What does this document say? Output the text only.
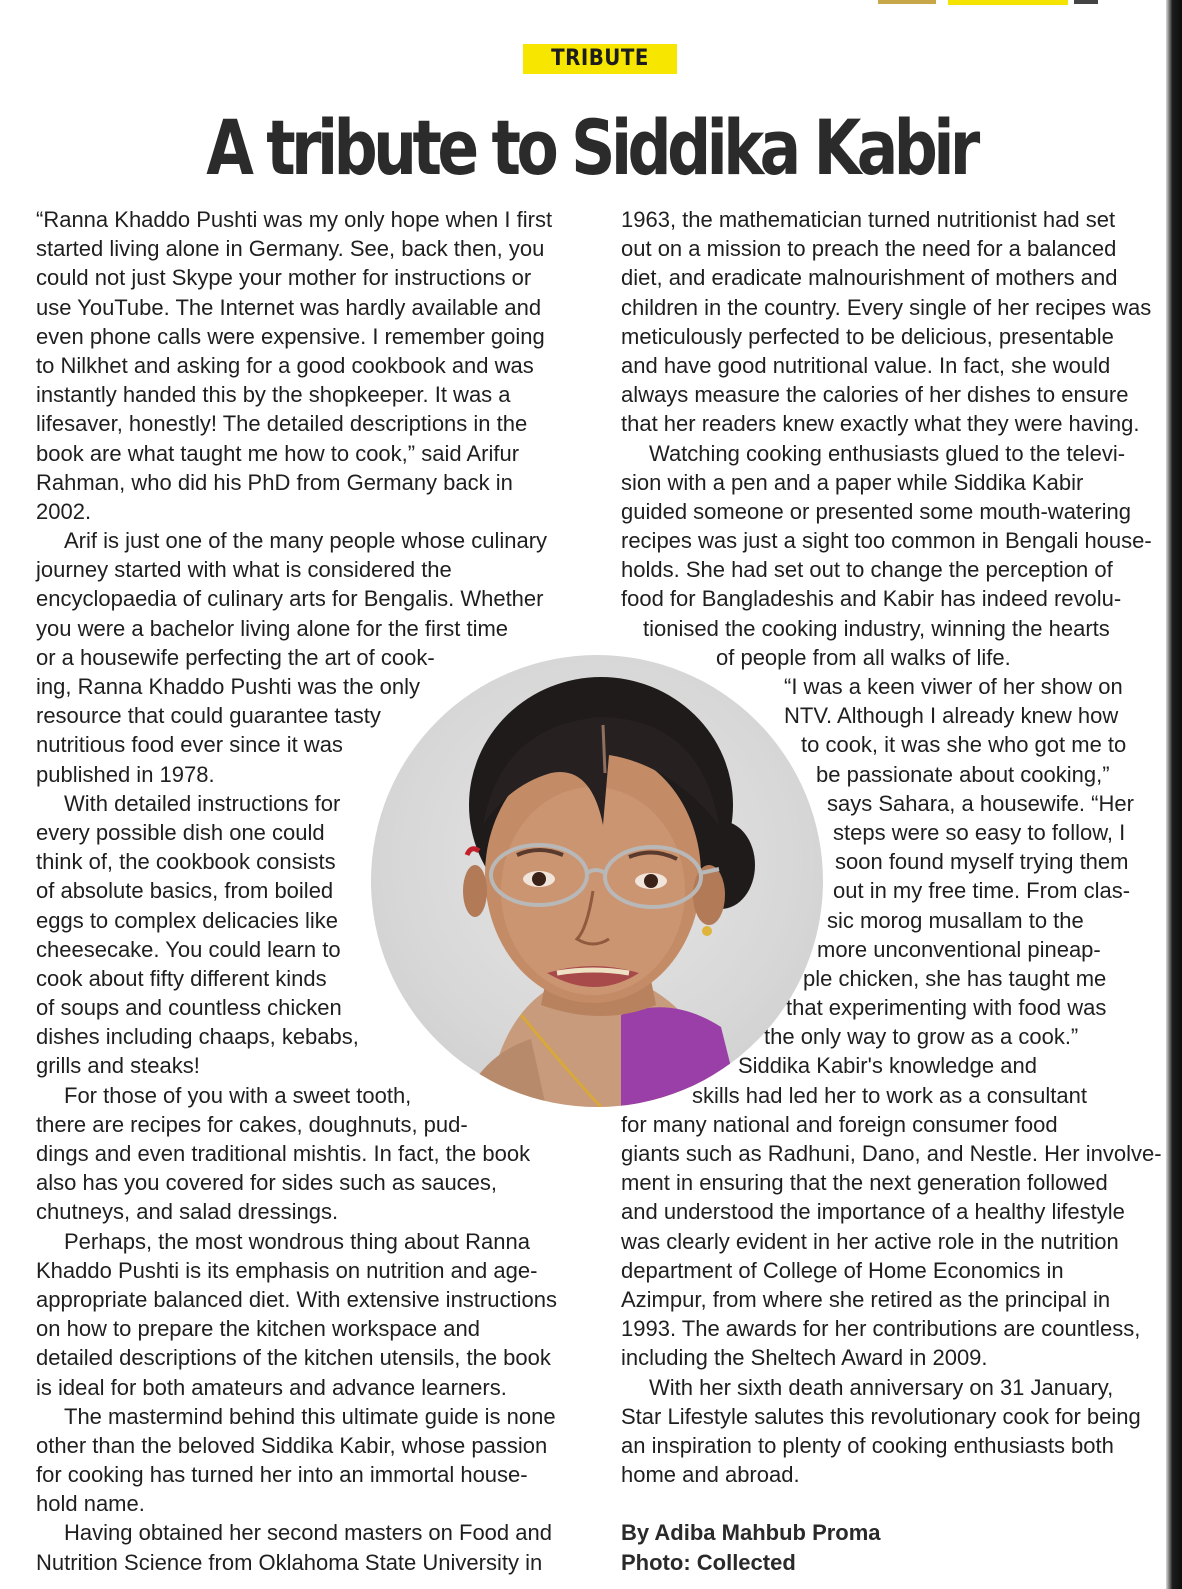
TRIBUTE
A tribute to Siddika Kabir
“Ranna Khaddo Pushti was my only hope when I first
started living alone in Germany. See, back then, you
could not just Skype your mother for instructions or
use YouTube. The Internet was hardly available and
even phone calls were expensive. I remember going
to Nilkhet and asking for a good cookbook and was
instantly handed this by the shopkeeper. It was a
lifesaver, honestly! The detailed descriptions in the
book are what taught me how to cook,” said Arifur
Rahman, who did his PhD from Germany back in
2002.
Arif is just one of the many people whose culinary
journey started with what is considered the
encyclopaedia of culinary arts for Bengalis. Whether
you were a bachelor living alone for the first time
or a housewife perfecting the art of cook-
ing, Ranna Khaddo Pushti was the only
resource that could guarantee tasty
nutritious food ever since it was
published in 1978.
With detailed instructions for
every possible dish one could
think of, the cookbook consists
of absolute basics, from boiled
eggs to complex delicacies like
cheesecake. You could learn to
cook about fifty different kinds
of soups and countless chicken
dishes including chaaps, kebabs,
grills and steaks!
For those of you with a sweet tooth,
there are recipes for cakes, doughnuts, pud-
dings and even traditional mishtis. In fact, the book
also has you covered for sides such as sauces,
chutneys, and salad dressings.
Perhaps, the most wondrous thing about Ranna
Khaddo Pushti is its emphasis on nutrition and age-
appropriate balanced diet. With extensive instructions
on how to prepare the kitchen workspace and
detailed descriptions of the kitchen utensils, the book
is ideal for both amateurs and advance learners.
The mastermind behind this ultimate guide is none
other than the beloved Siddika Kabir, whose passion
for cooking has turned her into an immortal house-
hold name.
Having obtained her second masters on Food and
Nutrition Science from Oklahoma State University in
1963, the mathematician turned nutritionist had set
out on a mission to preach the need for a balanced
diet, and eradicate malnourishment of mothers and
children in the country. Every single of her recipes was
meticulously perfected to be delicious, presentable
and have good nutritional value. In fact, she would
always measure the calories of her dishes to ensure
that her readers knew exactly what they were having.
Watching cooking enthusiasts glued to the televi-
sion with a pen and a paper while Siddika Kabir
guided someone or presented some mouth-watering
recipes was just a sight too common in Bengali house-
holds. She had set out to change the perception of
food for Bangladeshis and Kabir has indeed revolu-
tionised the cooking industry, winning the hearts
of people from all walks of life.
“I was a keen viwer of her show on
NTV. Although I already knew how
to cook, it was she who got me to
be passionate about cooking,”
says Sahara, a housewife. “Her
steps were so easy to follow, I
soon found myself trying them
out in my free time. From clas-
sic morog musallam to the
more unconventional pineap-
ple chicken, she has taught me
that experimenting with food was
the only way to grow as a cook.”
Siddika Kabir's knowledge and
skills had led her to work as a consultant
for many national and foreign consumer food
giants such as Radhuni, Dano, and Nestle. Her involve-
ment in ensuring that the next generation followed
and understood the importance of a healthy lifestyle
was clearly evident in her active role in the nutrition
department of College of Home Economics in
Azimpur, from where she retired as the principal in
1993. The awards for her contributions are countless,
including the Sheltech Award in 2009.
With her sixth death anniversary on 31 January,
Star Lifestyle salutes this revolutionary cook for being
an inspiration to plenty of cooking enthusiasts both
home and abroad.
By Adiba Mahbub Proma
Photo: Collected
